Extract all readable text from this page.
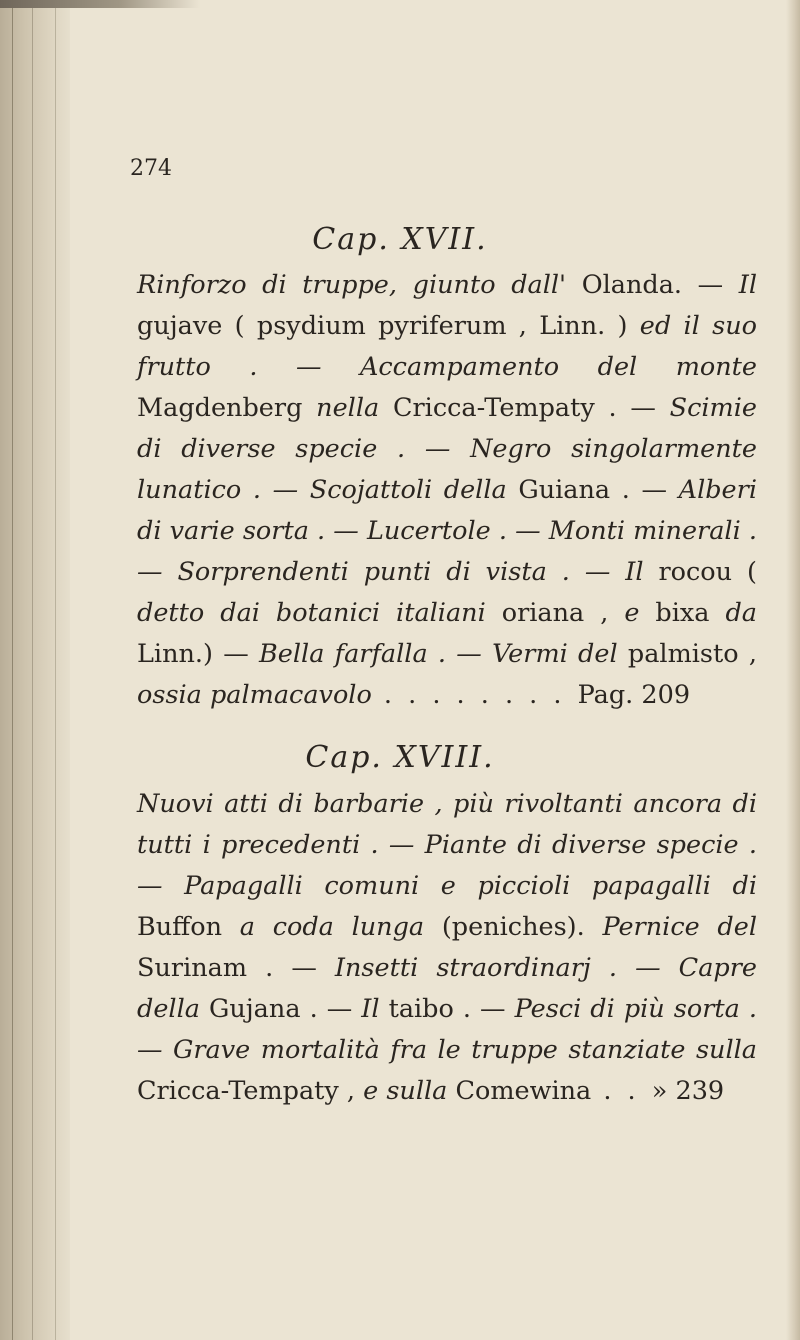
274
Cap. XVII.

Rinforzo di truppe, giunto dall' Olanda. — Il gujave ( psydium pyriferum , Linn. ) ed il suo frutto . — Accampamento del monte Magdenberg nella Cricca-Tempaty . — Scimie di diverse specie . — Negro singolarmente lunatico . — Scojattoli della Guiana . — Alberi di varie sorta . — Lucertole . — Monti minerali . — Sorprendenti punti di vista . — Il rocou ( detto dai botanici italiani oriana , e bixa da Linn.) — Bella farfalla . — Vermi del palmisto , ossia palmacavolo . . . . . . . . Pag. 209

Cap. XVIII.

Nuovi atti di barbarie , più rivoltanti ancora di tutti i precedenti . — Piante di diverse specie . — Papagalli comuni e piccioli papagalli di Buffon a coda lunga (peniches). Pernice del Surinam . — Insetti straordinarj . — Capre della Gujana . — Il taibo . — Pesci di più sorta . — Grave mortalità fra le truppe stanziate sulla Cricca-Tempaty , e sulla Comewina . . » 239
